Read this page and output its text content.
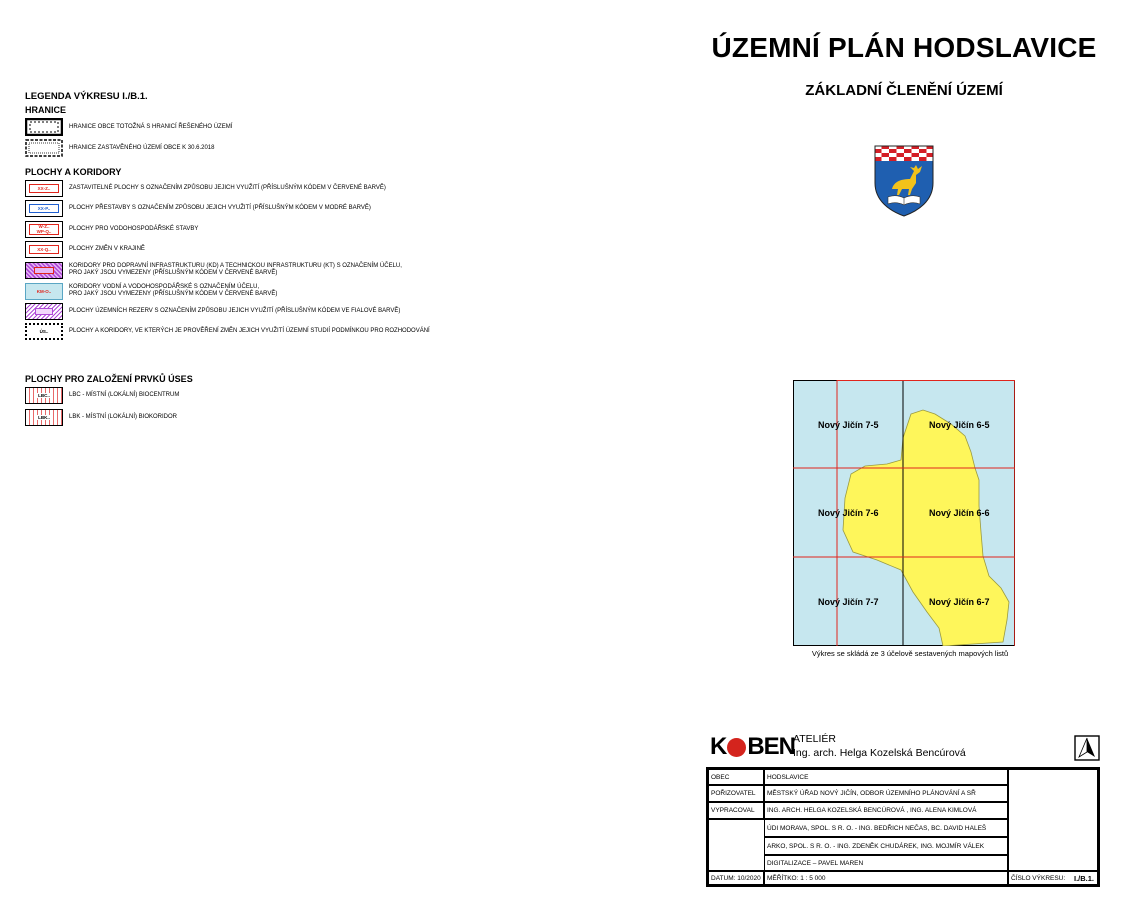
ÚZEMNÍ PLÁN HODSLAVICE
ZÁKLADNÍ ČLENĚNÍ ÚZEMÍ
LEGENDA VÝKRESU I./B.1.
HRANICE
HRANICE OBCE TOTOŽNÁ S HRANICÍ ŘEŠENÉHO ÚZEMÍ
HRANICE ZASTAVĚNÉHO ÚZEMÍ OBCE K 30.6.2018
PLOCHY A KORIDORY
XX-Z..	ZASTAVITELNÉ PLOCHY S OZNAČENÍM ZPŮSOBU JEJICH VYUŽITÍ (PŘÍSLUŠNÝM KÓDEM V ČERVENÉ BARVĚ)
XX-P..	PLOCHY PŘESTAVBY S OZNAČENÍM ZPŮSOBU JEJICH VYUŽITÍ (PŘÍSLUŠNÝM KÓDEM V MODRÉ BARVĚ)
W-Z..
WP-Q..	PLOCHY PRO VODOHOSPODÁŘSKÉ STAVBY
XX-Q..	PLOCHY ZMĚN V KRAJINĚ
KORIDORY PRO DOPRAVNÍ INFRASTRUKTURU (KD) A TECHNICKOU INFRASTRUKTURU (KT) S OZNAČENÍM ÚČELU,
PRO JAKÝ JSOU VYMEZENY (PŘÍSLUŠNÝM KÓDEM V ČERVENÉ BARVĚ)
KM-O..
KORIDORY VODNÍ A VODOHOSPODÁŘSKÉ S OZNAČENÍM ÚČELU,
PRO JAKÝ JSOU VYMEZENY (PŘÍSLUŠNÝM KÓDEM V ČERVENÉ BARVĚ)
PLOCHY ÚZEMNÍCH REZERV S OZNAČENÍM ZPŮSOBU JEJICH VYUŽITÍ (PŘÍSLUŠNÝM KÓDEM VE FIALOVÉ BARVĚ)
ÚS..	PLOCHY A KORIDORY, VE KTERÝCH JE PROVĚŘENÍ ZMĚN JEJICH VYUŽITÍ ÚZEMNÍ STUDIÍ PODMÍNKOU PRO ROZHODOVÁNÍ
PLOCHY PRO ZALOŽENÍ PRVKŮ ÚSES
LBC..	LBC - MÍSTNÍ (LOKÁLNÍ) BIOCENTRUM
LBK..	LBK - MÍSTNÍ (LOKÁLNÍ) BIOKORIDOR
Nový Jičín 7-5	Nový Jičín 6-5
Nový Jičín 7-6	Nový Jičín 6-6
Nový Jičín 7-7	Nový Jičín 6-7
Výkres se skládá ze 3 účelově sestavených mapových listů
K BEN
ATELIÉR
Ing. arch. Helga Kozelská Bencúrová
OBEC	HODSLAVICE
POŘIZOVATEL	MĚSTSKÝ ÚŘAD NOVÝ JIČÍN, ODBOR ÚZEMNÍHO PLÁNOVÁNÍ A SŘ
VYPRACOVAL	ING. ARCH. HELGA KOZELSKÁ BENCÚROVÁ , ING. ALENA KIMLOVÁ
ÚDI MORAVA, SPOL. S R. O. - ING. BEDŘICH NEČAS, BC. DAVID HALEŠ
ARKO, SPOL. S R. O. - ING. ZDENĚK CHUDÁREK, ING. MOJMÍR VÁLEK
DIGITALIZACE – PAVEL MAREN
DATUM: 10/2020 MĚŘÍTKO: 1 : 5 000	ČÍSLO VÝKRESU: I./B.1.
